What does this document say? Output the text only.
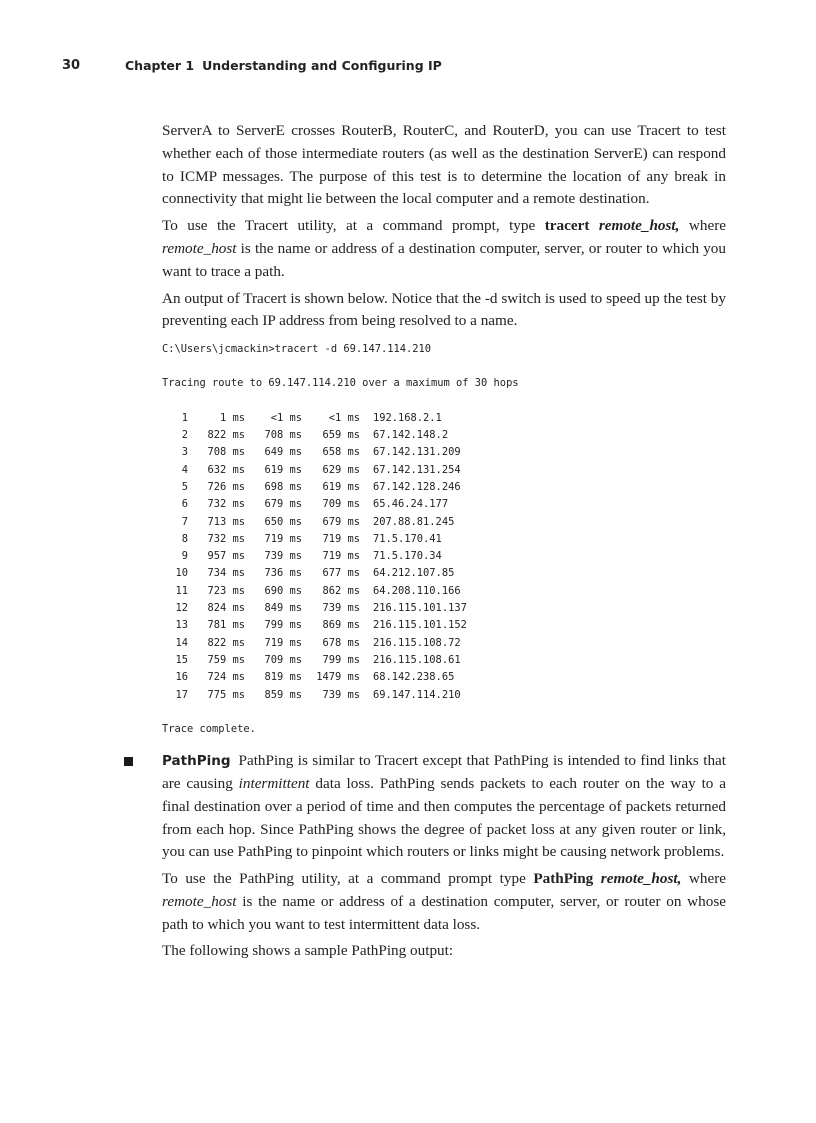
30	Chapter 1 Understanding and Configuring IP

ServerA to ServerE crosses RouterB, RouterC, and RouterD, you can use Tracert to test whether each of those intermediate routers (as well as the destination ServerE) can respond to ICMP messages. The purpose of this test is to determine the location of any break in connectivity that might lie between the local computer and a remote destination.

To use the Tracert utility, at a command prompt, type tracert remote_host, where remote_host is the name or address of a destination computer, server, or router to which you want to trace a path.

An output of Tracert is shown below. Notice that the -d switch is used to speed up the test by preventing each IP address from being resolved to a name.

C:\Users\jcmackin>tracert -d 69.147.114.210
Tracing route to 69.147.114.210 over a maximum of 30 hops
1	1 ms	<1 ms	<1 ms	192.168.2.1
2	822 ms	708 ms	659 ms	67.142.148.2
3	708 ms	649 ms	658 ms	67.142.131.209
4	632 ms	619 ms	629 ms	67.142.131.254
5	726 ms	698 ms	619 ms	67.142.128.246
6	732 ms	679 ms	709 ms	65.46.24.177
7	713 ms	650 ms	679 ms	207.88.81.245
8	732 ms	719 ms	719 ms	71.5.170.41
9	957 ms	739 ms	719 ms	71.5.170.34
10	734 ms	736 ms	677 ms	64.212.107.85
11	723 ms	690 ms	862 ms	64.208.110.166
12	824 ms	849 ms	739 ms	216.115.101.137
13	781 ms	799 ms	869 ms	216.115.101.152
14	822 ms	719 ms	678 ms	216.115.108.72
15	759 ms	709 ms	799 ms	216.115.108.61
16	724 ms	819 ms	1479 ms	68.142.238.65
17	775 ms	859 ms	739 ms	69.147.114.210
Trace complete.

PathPing PathPing is similar to Tracert except that PathPing is intended to find links that are causing intermittent data loss. PathPing sends packets to each router on the way to a final destination over a period of time and then computes the percentage of packets returned from each hop. Since PathPing shows the degree of packet loss at any given router or link, you can use PathPing to pinpoint which routers or links might be causing network problems.

To use the PathPing utility, at a command prompt type PathPing remote_host, where remote_host is the name or address of a destination computer, server, or router on whose path to which you want to test intermittent data loss.

The following shows a sample PathPing output:
